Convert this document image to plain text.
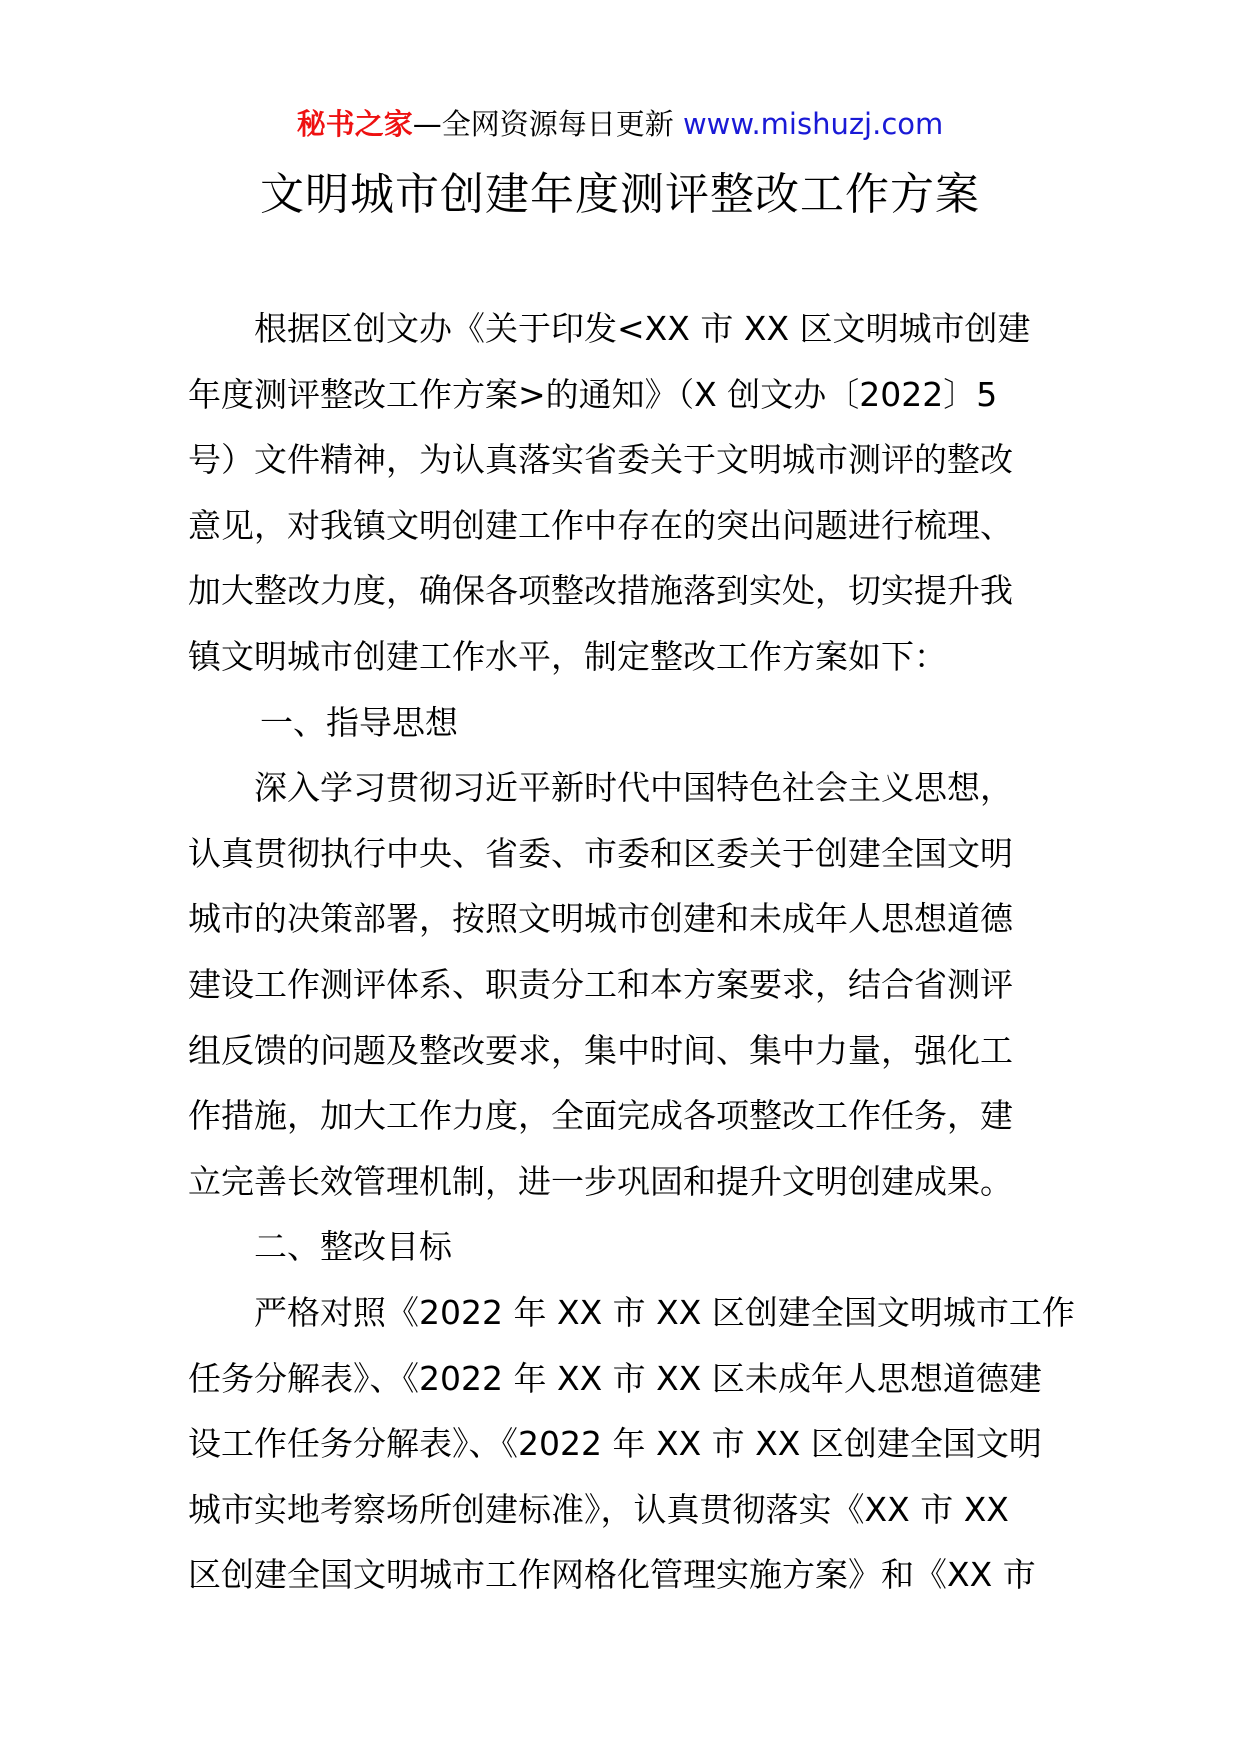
秘书之家—全网资源每日更新 www.mishuzj.com
文明城市创建年度测评整改工作方案
根据区创文办《关于印发<XX 市 XX 区文明城市创建
年度测评整改工作方案>的通知》（X 创文办〔2022〕5
号）文件精神，为认真落实省委关于文明城市测评的整改
意见，对我镇文明创建工作中存在的突出问题进行梳理、
加大整改力度，确保各项整改措施落到实处，切实提升我
镇文明城市创建工作水平，制定整改工作方案如下：
一、指导思想
深入学习贯彻习近平新时代中国特色社会主义思想，
认真贯彻执行中央、省委、市委和区委关于创建全国文明
城市的决策部署，按照文明城市创建和未成年人思想道德
建设工作测评体系、职责分工和本方案要求，结合省测评
组反馈的问题及整改要求，集中时间、集中力量，强化工
作措施，加大工作力度，全面完成各项整改工作任务，建
立完善长效管理机制，进一步巩固和提升文明创建成果。
二、整改目标
严格对照《2022 年 XX 市 XX 区创建全国文明城市工作
任务分解表》、《2022 年 XX 市 XX 区未成年人思想道德建
设工作任务分解表》、《2022 年 XX 市 XX 区创建全国文明
城市实地考察场所创建标准》，认真贯彻落实《XX 市 XX
区创建全国文明城市工作网格化管理实施方案》和《XX 市
